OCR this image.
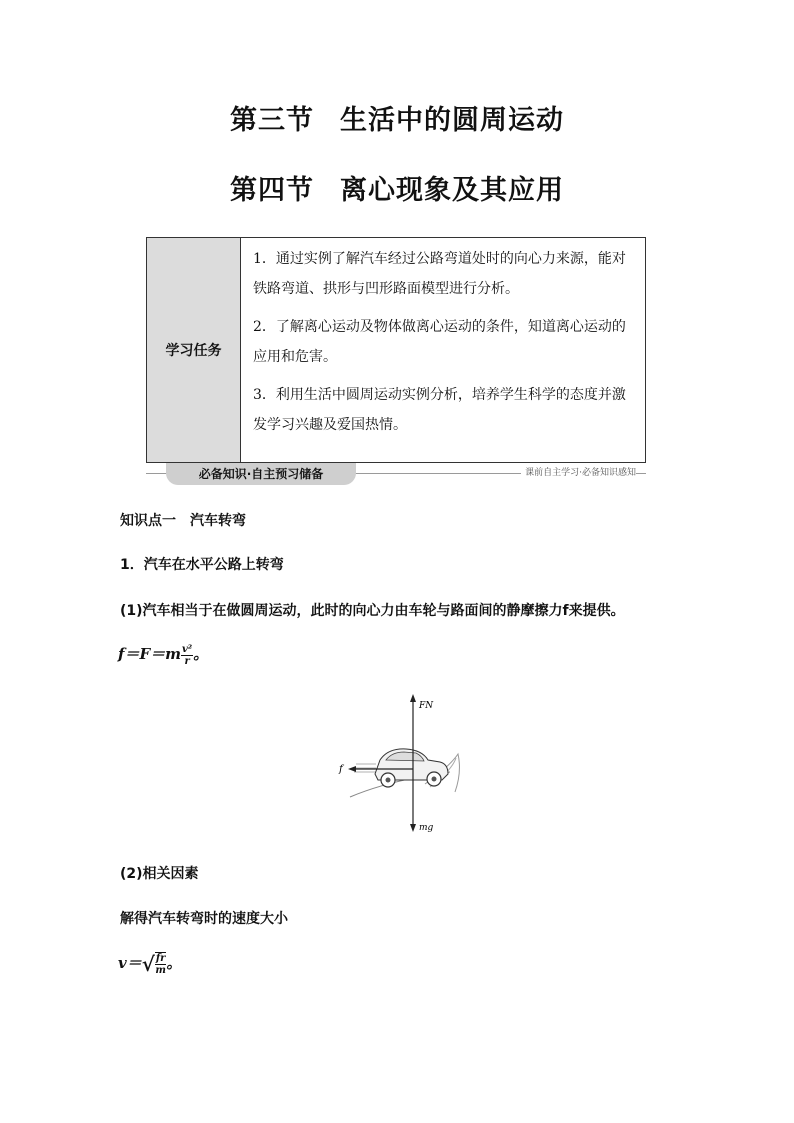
第三节 生活中的圆周运动
第四节 离心现象及其应用
学习任务

1．通过实例了解汽车经过公路弯道处时的向心力来源，能对铁路弯道、拱形与凹形路面模型进行分析。

2．了解离心运动及物体做离心运动的条件，知道离心运动的应用和危害。

3．利用生活中圆周运动实例分析，培养学生科学的态度并激发学习兴趣及爱国热情。

必备知识·自主预习储备	课前自主学习·必备知识感知
知识点一 汽车转弯
1．汽车在水平公路上转弯
(1)汽车相当于在做圆周运动，此时的向心力由车轮与路面间的静摩擦力f来提供。
$f=F=m \frac{\text{v²}}{r}$ 。
FN
f
mg
(2)相关因素
解得汽车转弯时的速度大小
$v=√ \frac{fr}{m}$ 。
